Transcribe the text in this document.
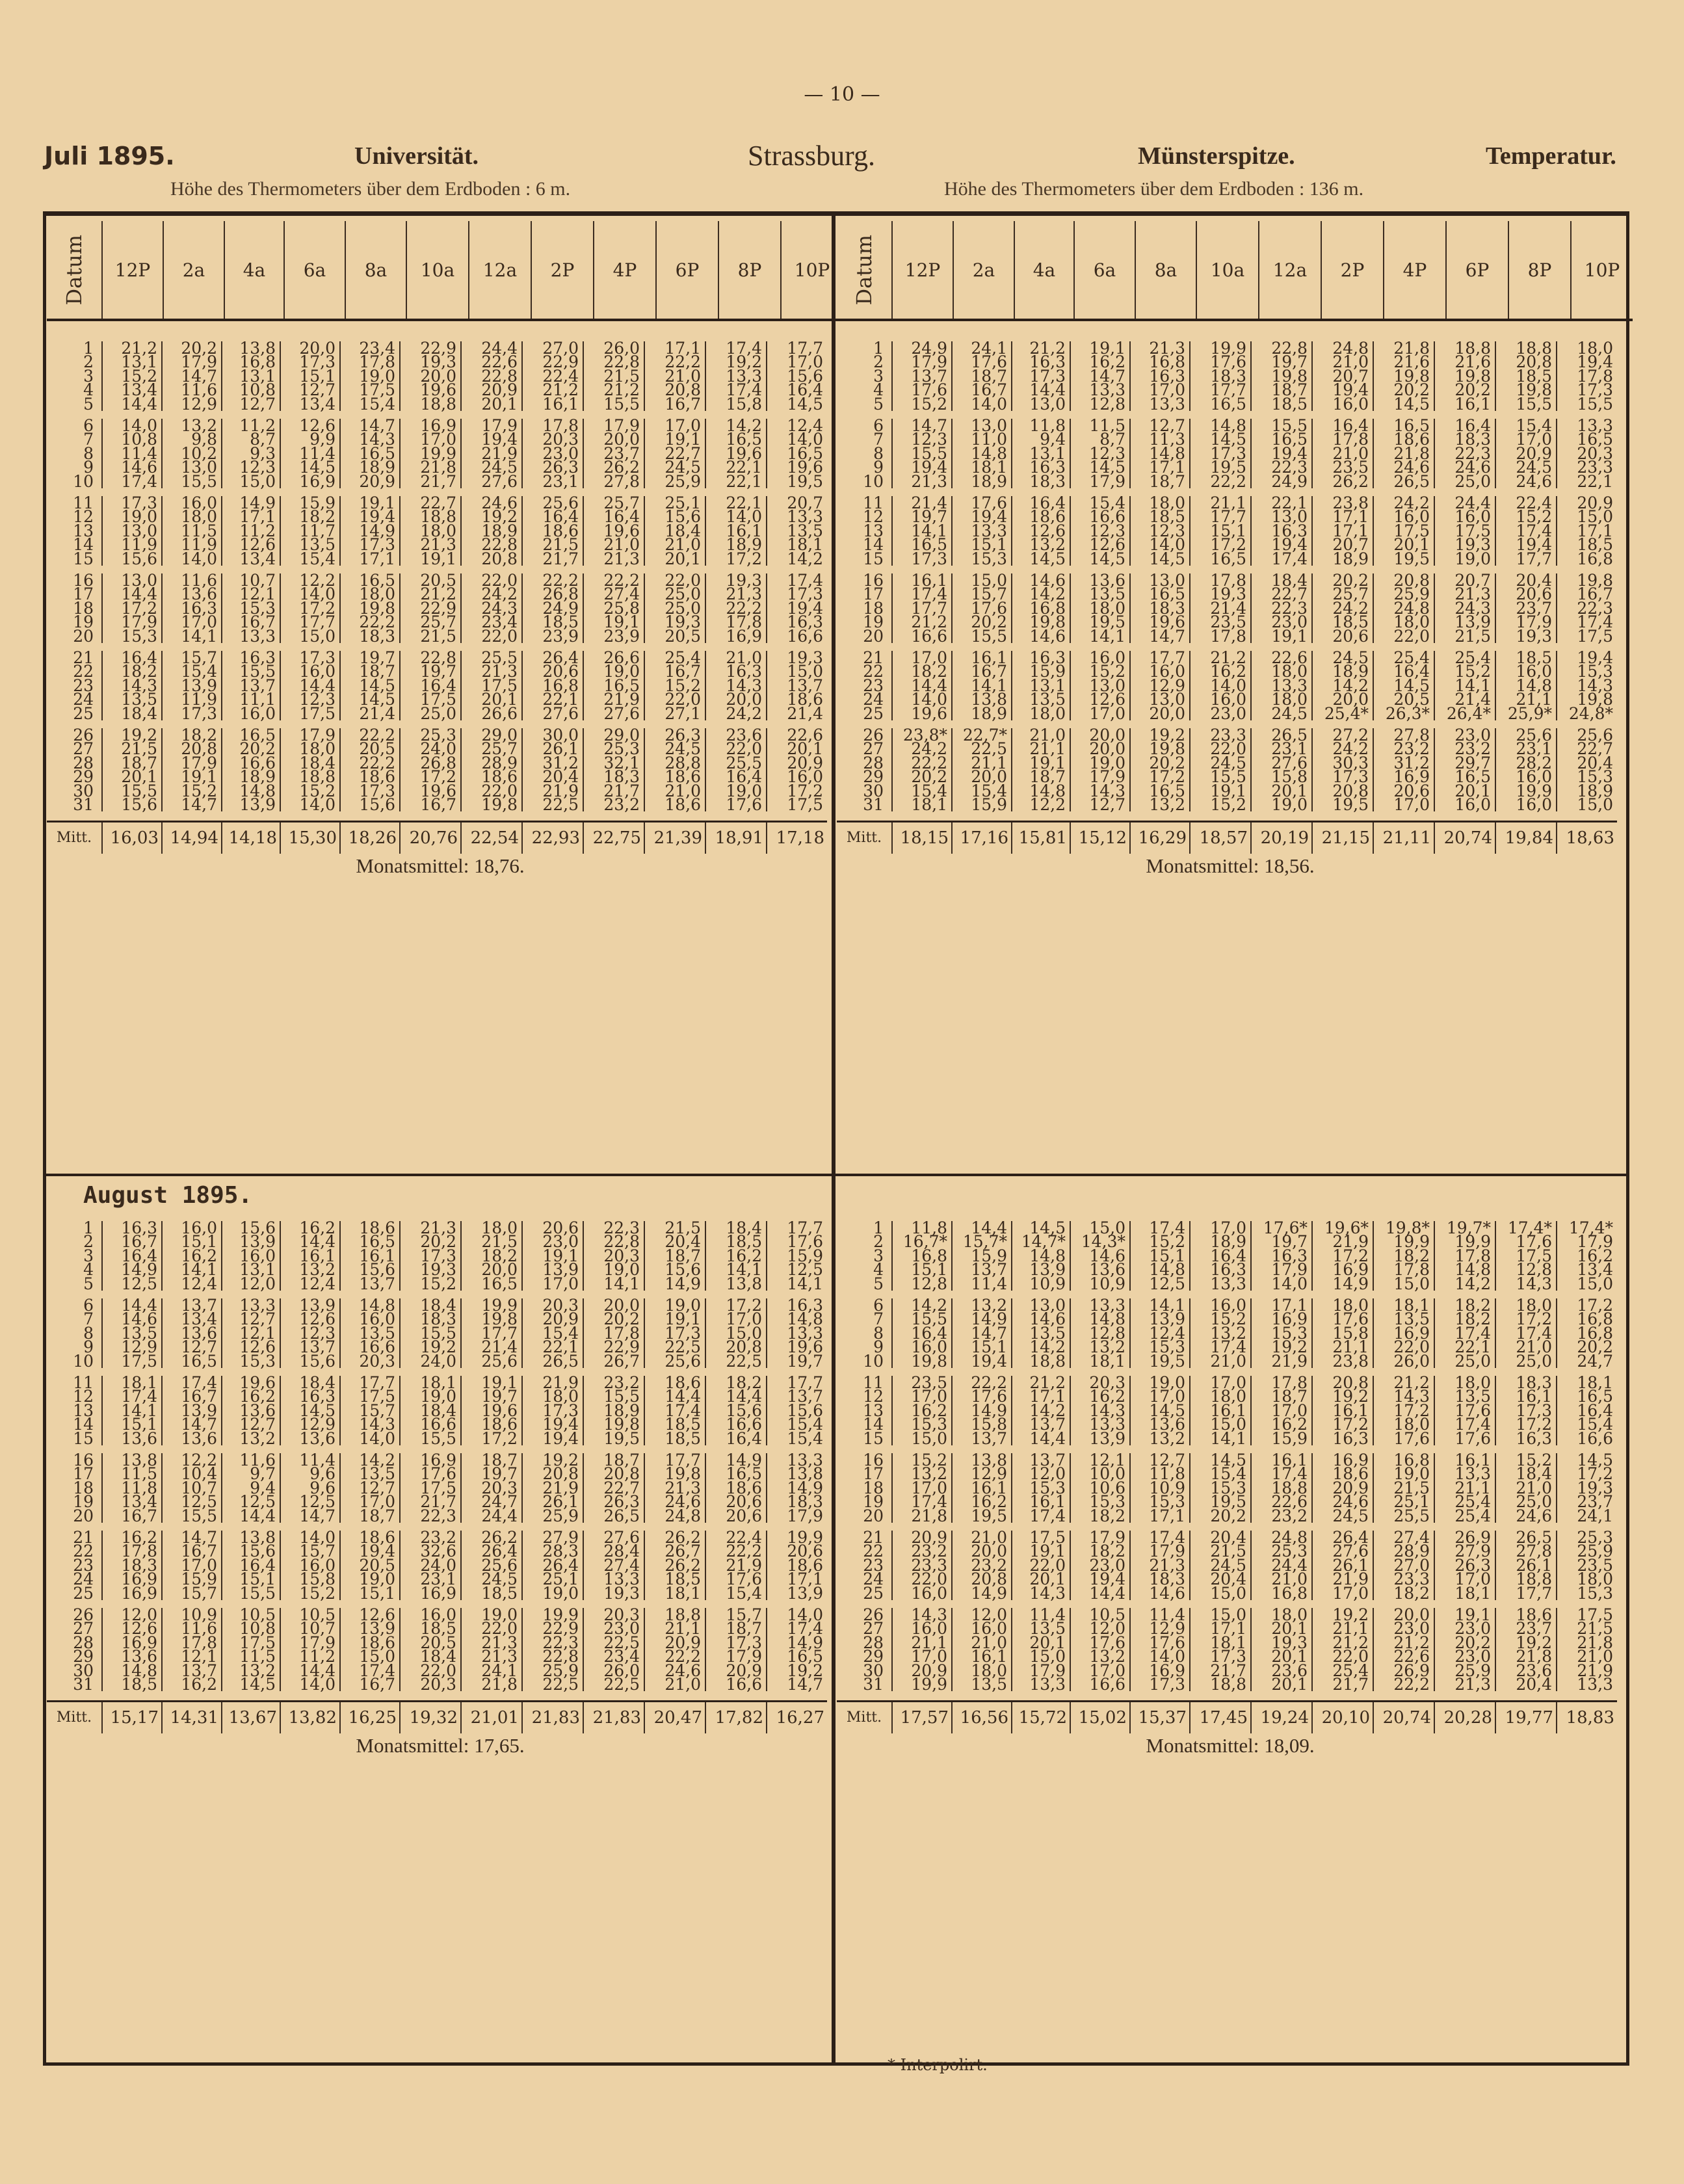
— 10 —
Juli 1895.	Universität.	Strassburg.	Münsterspitze.	Temperatur.
Höhe des Thermometers über dem Erdboden : 6 m.	Höhe des Thermometers über dem Erdboden : 136 m.
August 1895.
Datum 12P 2a 4a 6a 8a 10a 12a 2P 4P 6P 8P 10P
1	21,2	20,2	13,8	20,0	23,4	22,9	24,4	27,0	26,0	17,1	17,4	17,7
2	13,1	17,9	16,8	17,3	17,8	19,3	22,6	22,9	22,8	22,2	19,2	17,0
3	15,2	14,7	13,1	15,1	19,0	20,0	22,8	22,4	21,5	21,0	13,3	15,6
4	13,4	11,6	10,8	12,7	17,5	19,6	20,9	21,2	21,2	20,8	17,4	16,4
5	14,4	12,9	12,7	13,4	15,4	18,8	20,1	16,1	15,5	16,7	15,8	14,5
6	14,0	13,2	11,2	12,6	14,7	16,9	17,9	17,8	17,9	17,0	14,2	12,4
7	10,8	9,8	8,7	9,9	14,3	17,0	19,4	20,3	20,0	19,1	16,5	14,0
8	11,4	10,2	9,3	11,4	16,5	19,9	21,9	23,0	23,7	22,7	19,6	16,5
9	14,6	13,0	12,3	14,5	18,9	21,8	24,5	26,3	26,2	24,5	22,1	19,6
10	17,4	15,5	15,0	16,9	20,9	21,7	27,6	23,1	27,8	25,9	22,1	19,5
11	17,3	16,0	14,9	15,9	19,1	22,7	24,6	25,6	25,7	25,1	22,1	20,7
12	19,0	18,0	17,1	18,2	19,4	18,8	19,2	16,4	16,4	15,6	14,0	13,3
13	13,0	11,5	11,2	11,7	14,9	18,0	18,9	18,6	19,6	18,4	16,1	13,5
14	11,9	11,9	12,6	13,5	17,3	21,3	22,8	21,5	21,0	21,0	18,9	18,1
15	15,6	14,0	13,4	15,4	17,1	19,1	20,8	21,7	21,3	20,1	17,2	14,2
16	13,0	11,6	10,7	12,2	16,5	20,5	22,0	22,2	22,2	22,0	19,3	17,4
17	14,4	13,6	12,1	14,0	18,0	21,2	24,2	26,8	27,4	25,0	21,3	17,3
18	17,2	16,3	15,3	17,2	19,8	22,9	24,3	24,9	25,8	25,0	22,2	19,4
19	17,9	17,0	16,7	17,7	22,2	25,7	23,4	18,5	19,1	19,3	17,8	16,3
20	15,3	14,1	13,3	15,0	18,3	21,5	22,0	23,9	23,9	20,5	16,9	16,6
21	16,4	15,7	16,3	17,3	19,7	22,8	25,5	26,4	26,6	25,4	21,0	19,3
22	18,2	15,4	15,5	16,0	18,7	19,7	21,3	20,6	19,0	16,7	16,3	15,0
23	14,3	13,9	13,7	14,4	14,5	16,4	17,5	16,8	16,5	15,2	14,3	13,7
24	13,5	11,9	11,1	12,3	14,5	17,5	20,1	22,1	21,9	22,0	20,0	18,6
25	18,4	17,3	16,0	17,5	21,4	25,0	26,6	27,6	27,6	27,1	24,2	21,4
26	19,2	18,2	16,5	17,9	22,2	25,3	29,0	30,0	29,0	26,3	23,6	22,6
27	21,5	20,8	20,2	18,0	20,5	24,0	25,7	26,1	25,3	24,5	22,0	20,1
28	18,7	17,9	16,6	18,4	22,2	26,8	28,9	31,2	32,1	28,8	25,5	20,9
29	20,1	19,1	18,9	18,8	18,6	17,2	18,6	20,4	18,3	18,6	16,4	16,0
30	15,5	15,2	14,8	15,2	17,3	19,6	22,0	21,9	21,7	21,0	19,0	17,2
31	15,6	14,7	13,9	14,0	15,6	16,7	19,8	22,5	23,2	18,6	17,6	17,5
Mitt.	16,03 14,94 14,18 15,30 18,26 20,76 22,54 22,93 22,75 21,39 18,91 17,18
Monatsmittel: 18,76.
Datum 12P 2a 4a 6a 8a 10a 12a 2P 4P 6P 8P 10P
1	24,9	24,1	21,2	19,1	21,3	19,9	22,8	24,8	21,8	18,8	18,8	18,0
2	17,9	17,6	16,3	16,2	16,8	17,6	19,7	21,0	21,6	21,6	20,8	19,4
3	13,7	18,7	17,3	14,7	16,3	18,3	19,8	20,7	19,8	19,8	18,5	17,8
4	17,6	16,7	14,4	13,3	17,0	17,7	18,7	19,4	20,2	20,2	19,8	17,3
5	15,2	14,0	13,0	12,8	13,3	16,5	18,5	16,0	14,5	16,1	15,5	15,5
6	14,7	13,0	11,8	11,5	12,7	14,8	15,5	16,4	16,5	16,4	15,4	13,3
7	12,3	11,0	9,4	8,7	11,3	14,5	16,5	17,8	18,6	18,3	17,0	16,5
8	15,5	14,8	13,1	12,3	14,8	17,3	19,4	21,0	21,8	22,3	20,9	20,3
9	19,4	18,1	16,3	14,5	17,1	19,5	22,3	23,5	24,6	24,6	24,5	23,3
10	21,3	18,9	18,3	17,9	18,7	22,2	24,9	26,2	26,5	25,0	24,6	22,1
11	21,4	17,6	16,4	15,4	18,0	21,1	22,1	23,8	24,2	24,4	22,4	20,9
12	19,7	19,4	18,6	16,6	18,5	17,7	13,0	17,1	16,0	16,0	15,2	15,0
13	14,1	13,3	12,6	12,3	12,3	15,1	16,3	17,1	17,5	17,5	17,4	17,1
14	16,5	15,1	13,2	12,6	14,0	17,2	19,4	20,7	20,1	19,3	19,4	18,5
15	17,3	15,3	14,5	14,5	14,5	16,5	17,4	18,9	19,5	19,0	17,7	16,8
16	16,1	15,0	14,6	13,6	13,0	17,8	18,4	20,2	20,8	20,7	20,4	19,8
17	17,4	15,7	14,2	13,5	16,5	19,3	22,7	25,7	25,9	21,3	20,6	16,7
18	17,7	17,6	16,8	18,0	18,3	21,4	22,3	24,2	24,8	24,3	23,7	22,3
19	21,2	20,2	19,8	19,5	19,6	23,5	23,0	18,5	18,0	13,9	17,9	17,4
20	16,6	15,5	14,6	14,1	14,7	17,8	19,1	20,6	22,0	21,5	19,3	17,5
21	17,0	16,1	16,3	16,0	17,7	21,2	22,6	24,5	25,4	25,4	18,5	19,4
22	18,2	16,7	15,9	15,2	16,0	16,2	18,0	18,9	16,4	15,2	16,0	15,3
23	14,4	14,1	13,1	13,0	12,9	14,0	13,3	14,2	14,5	14,1	14,8	14,3
24	14,0	13,8	13,5	12,6	13,0	16,0	18,0	20,0	20,5	21,4	21,1	19,8
25	19,6	18,9	18,0	17,0	20,0	23,0	24,5	25,4*	26,3*	26,4*	25,9*	24,8*
26	23,8* 22,7*	21,0	20,0	19,2	23,3	26,5	27,2	27,8	23,0	25,6	25,6
27	24,2	22,5	21,1	20,0	19,8	22,0	23,1	24,2	23,2	23,2	23,1	22,7
28	22,2	21,1	19,1	19,0	20,2	24,5	27,6	30,3	31,2	29,7	28,2	20,4
29	20,2	20,0	18,7	17,9	17,2	15,5	15,8	17,3	16,9	16,5	16,0	15,3
30	15,4	15,4	14,8	14,3	16,5	19,1	20,1	20,8	20,6	20,1	19,9	18,9
31	18,1	15,9	12,2	12,7	13,2	15,2	19,0	19,5	17,0	16,0	16,0	15,0
Mitt.	18,15 17,16 15,81 15,12 16,29 18,57 20,19 21,15 21,11 20,74 19,84 18,63
Monatsmittel: 18,56.
1	16,3	16,0	15,6	16,2	18,6	21,3	18,0	20,6	22,3	21,5	18,4	17,7
2	16,7	15,1	13,9	14,4	16,5	20,2	21,5	23,0	22,8	20,4	18,5	17,6
3	16,4	16,2	16,0	16,1	16,1	17,3	18,2	19,1	20,3	18,7	16,2	15,9
4	14,9	14,1	13,1	13,2	15,6	19,3	20,0	13,9	19,0	15,6	14,1	12,5
5	12,5	12,4	12,0	12,4	13,7	15,2	16,5	17,0	14,1	14,9	13,8	14,1
6	14,4	13,7	13,3	13,9	14,8	18,4	19,9	20,3	20,0	19,0	17,2	16,3
7	14,6	13,4	12,7	12,6	16,0	18,3	19,8	20,9	20,2	19,1	17,0	14,8
8	13,5	13,6	12,1	12,3	13,5	15,5	17,7	15,4	17,8	17,3	15,0	13,3
9	12,9	12,7	12,6	13,7	16,6	19,2	21,4	22,1	22,9	22,5	20,8	19,6
10	17,5	16,5	15,3	15,6	20,3	24,0	25,6	26,5	26,7	25,6	22,5	19,7
11	18,1	17,4	19,6	18,4	17,7	18,1	19,1	21,9	23,2	18,6	18,2	17,7
12	17,4	16,7	16,2	16,3	17,5	19,0	19,7	18,0	15,5	14,4	14,4	13,7
13	14,1	13,9	13,6	14,5	15,7	18,4	19,6	17,3	18,9	17,4	15,6	15,6
14	15,1	14,7	12,7	12,9	14,3	16,6	18,6	19,4	19,8	18,5	16,6	15,4
15	13,6	13,6	13,2	13,6	14,0	15,5	17,2	19,4	19,5	18,5	16,4	15,4
16	13,8	12,2	11,6	11,4	14,2	16,9	18,7	19,2	18,7	17,7	14,9	13,3
17	11,5	10,4	9,7	9,6	13,5	17,6	19,7	20,8	20,8	19,8	16,5	13,8
18	11,8	10,7	9,4	9,6	12,7	17,5	20,3	21,9	22,7	21,3	18,6	14,9
19	13,4	12,5	12,5	12,5	17,0	21,7	24,7	26,1	26,3	24,6	20,6	18,3
20	16,7	15,5	14,4	14,7	18,7	22,3	24,4	25,9	26,5	24,8	20,6	17,9
21	16,2	14,7	13,8	14,0	18,6	23,2	26,2	27,9	27,6	26,2	22,4	19,9
22	17,8	16,7	15,6	15,7	19,4	32,6	26,4	28,3	28,4	26,7	22,2	20,6
23	18,3	17,0	16,4	16,0	20,5	24,0	25,6	26,4	27,4	26,2	21,9	18,6
24	16,9	15,9	15,1	15,8	19,0	23,1	24,5	25,1	13,3	18,5	17,6	17,1
25	16,9	15,7	15,5	15,2	15,1	16,9	18,5	19,0	19,3	18,1	15,4	13,9
26	12,0	10,9	10,5	10,5	12,6	16,0	19,0	19,9	20,3	18,8	15,7	14,0
27	12,6	11,6	10,8	10,7	13,9	18,5	22,0	22,9	23,0	21,1	18,7	17,4
28	16,9	17,8	17,5	17,9	18,6	20,5	21,3	22,3	22,5	20,9	17,3	14,9
29	13,6	12,1	11,5	11,2	15,0	18,4	21,3	22,8	23,4	22,2	17,9	16,5
30	14,8	13,7	13,2	14,4	17,4	22,0	24,1	25,9	26,0	24,6	20,9	19,2
31	18,5	16,2	14,5	14,0	16,7	20,3	21,8	22,5	22,5	21,0	16,6	14,7
Mitt.	15,17 14,31 13,67 13,82 16,25 19,32 21,01 21,83 21,83 20,47 17,82 16,27
Monatsmittel: 17,65.
1	11,8	14,4	14,5	15,0	17,4	17,0	17,6*	19,6*	19,8*	19,7*	17,4*	17,4*
2	16,7* 15,7* 14,7* 14,3*	15,2	18,9	19,7	21,9	19,9	19,9	17,6	17,9
3	16,8	15,9	14,8	14,6	15,1	16,4	16,3	17,2	18,2	17,8	17,5	16,2
4	15,1	13,7	13,9	13,6	14,8	16,3	17,9	16,9	17,8	14,8	12,8	13,4
5	12,8	11,4	10,9	10,9	12,5	13,3	14,0	14,9	15,0	14,2	14,3	15,0
6	14,2	13,2	13,0	13,3	14,1	16,0	17,1	18,0	18,1	18,2	18,0	17,2
7	15,5	14,9	14,6	14,8	13,9	15,2	16,9	17,6	13,5	18,2	17,2	16,8
8	16,4	14,7	13,5	12,8	12,4	13,2	15,3	15,8	16,9	17,4	17,4	16,8
9	16,0	15,1	14,2	13,2	15,3	17,4	19,2	21,1	22,0	22,1	21,0	20,2
10	19,8	19,4	18,8	18,1	19,5	21,0	21,9	23,8	26,0	25,0	25,0	24,7
11	23,5	22,2	21,2	20,3	19,0	17,0	17,8	20,8	21,2	18,0	18,3	18,1
12	17,0	17,6	17,1	16,2	17,0	18,0	18,7	19,2	14,3	13,5	16,1	16,5
13	16,2	14,9	14,2	14,3	14,5	16,1	17,0	16,1	17,2	17,6	17,3	16,4
14	15,3	15,8	13,7	13,3	13,6	15,0	16,2	17,2	18,0	17,4	17,2	15,4
15	15,0	13,7	14,4	13,9	13,2	14,1	15,9	16,3	17,6	17,6	16,3	16,6
16	15,2	13,8	13,7	12,1	12,7	14,5	16,1	16,9	16,8	16,1	15,2	14,5
17	13,2	12,9	12,0	10,0	11,8	15,4	17,4	18,6	19,0	13,3	18,4	17,2
18	17,0	16,1	15,3	10,6	10,9	15,3	18,8	20,9	21,5	21,1	21,0	19,3
19	17,4	16,2	16,1	15,3	15,3	19,5	22,6	24,6	25,1	25,4	25,0	23,7
20	21,8	19,5	17,4	18,2	17,1	20,2	23,2	24,5	25,5	25,4	24,6	24,1
21	20,9	21,0	17,5	17,9	17,4	20,4	24,8	26,4	27,4	26,9	26,5	25,3
22	23,2	20,0	19,1	18,2	17,9	21,5	25,3	27,6	28,9	27,9	27,8	25,9
23	23,3	23,2	22,0	23,0	21,3	24,5	24,4	26,1	27,0	26,3	26,1	23,5
24	22,0	20,8	20,1	19,4	18,3	20,4	21,0	21,9	23,3	17,0	18,8	18,0
25	16,0	14,9	14,3	14,4	14,6	15,0	16,8	17,0	18,2	18,1	17,7	15,3
26	14,3	12,0	11,4	10,5	11,4	15,0	18,0	19,2	20,0	19,1	18,6	17,5
27	16,0	16,0	13,5	12,0	12,9	17,1	20,1	21,1	23,0	23,0	23,7	21,5
28	21,1	21,0	20,1	17,6	17,6	18,1	19,3	21,2	21,2	20,2	19,2	21,8
29	17,0	16,1	15,0	13,2	14,0	17,3	20,1	22,0	22,6	23,0	21,8	21,0
30	20,9	18,0	17,9	17,0	16,9	21,7	23,6	25,4	26,9	25,9	23,6	21,9
31	19,9	13,5	13,3	16,6	17,3	18,8	20,1	21,7	22,2	21,3	20,4	13,3
Mitt.	17,57 16,56 15,72 15,02 15,37 17,45 19,24 20,10 20,74 20,28 19,77 18,83
Monatsmittel: 18,09.
* Interpolirt.
